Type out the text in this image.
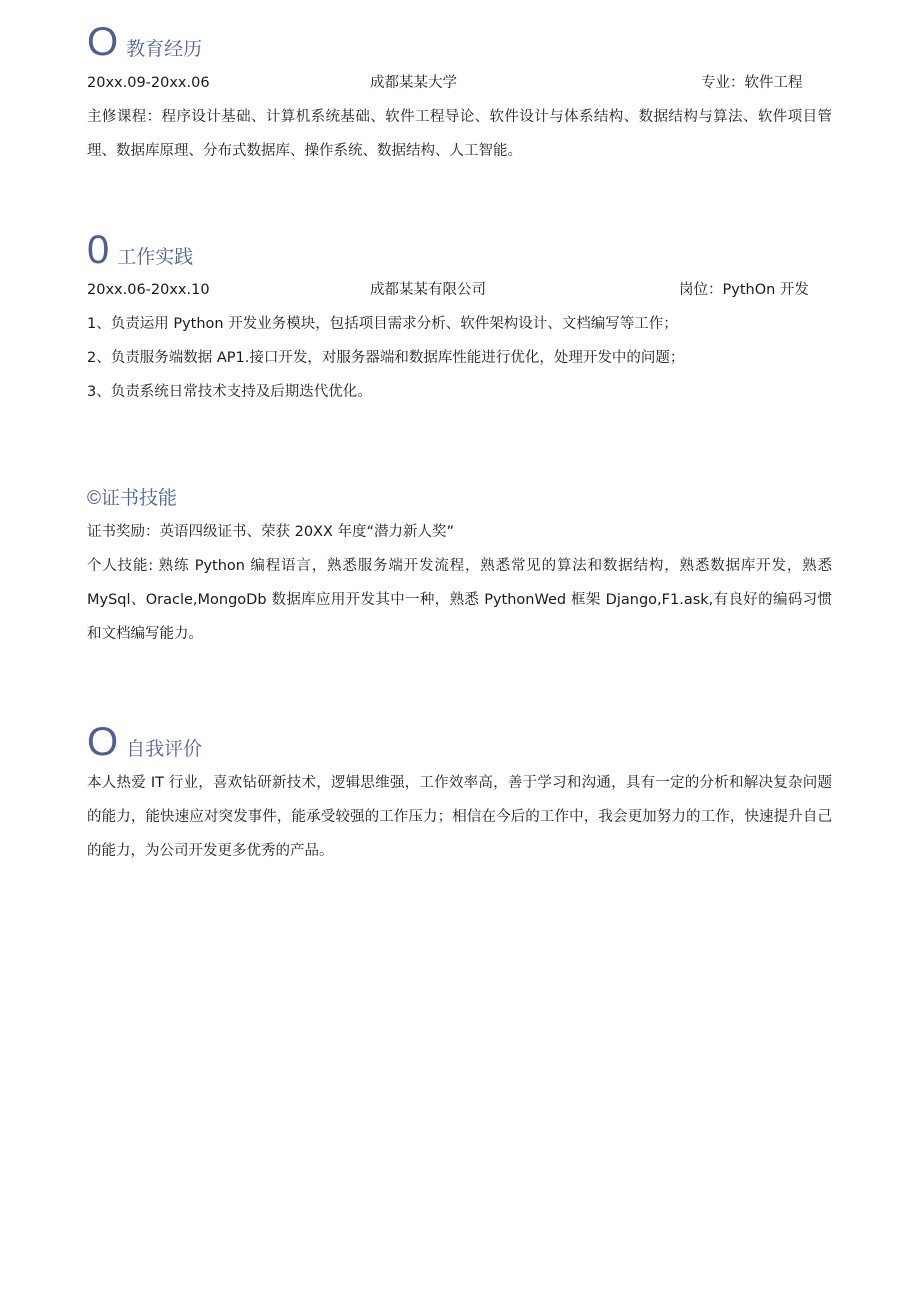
O 教育经历
20xx.09-20xx.06	成都某某大学	专业：软件工程

主修课程：程序设计基础、计算机系统基础、软件工程导论、软件设计与体系结构、数据结构与算法、软件项目管理、数据库原理、分布式数据库、操作系统、数据结构、人工智能。

0 工作实践
20xx.06-20xx.10	成都某某有限公司	岗位：PythOn 开发

1、负责运用 Python 开发业务模块，包括项目需求分析、软件架构设计、文档编写等工作；

2、负责服务端数据 AP1.接口开发，对服务器端和数据库性能进行优化，处理开发中的问题；

3、负责系统日常技术支持及后期迭代优化。

© 证书技能

证书奖励：英语四级证书、荣获 20XX 年度“潜力新人奖”

个人技能: 熟练 Python 编程语言，熟悉服务端开发流程，熟悉常见的算法和数据结构，熟悉数据库开发，熟悉MySql、Oracle,MongoDb 数据库应用开发其中一种，熟悉 PythonWed 框架 Django,F1.ask,有良好的编码习惯和文档编写能力。

O 自我评价

本人热爱 IT 行业，喜欢钻研新技术，逻辑思维强，工作效率高，善于学习和沟通，具有一定的分析和解决复杂问题的能力，能快速应对突发事件，能承受较强的工作压力；相信在今后的工作中，我会更加努力的工作，快速提升自己的能力，为公司开发更多优秀的产品。
